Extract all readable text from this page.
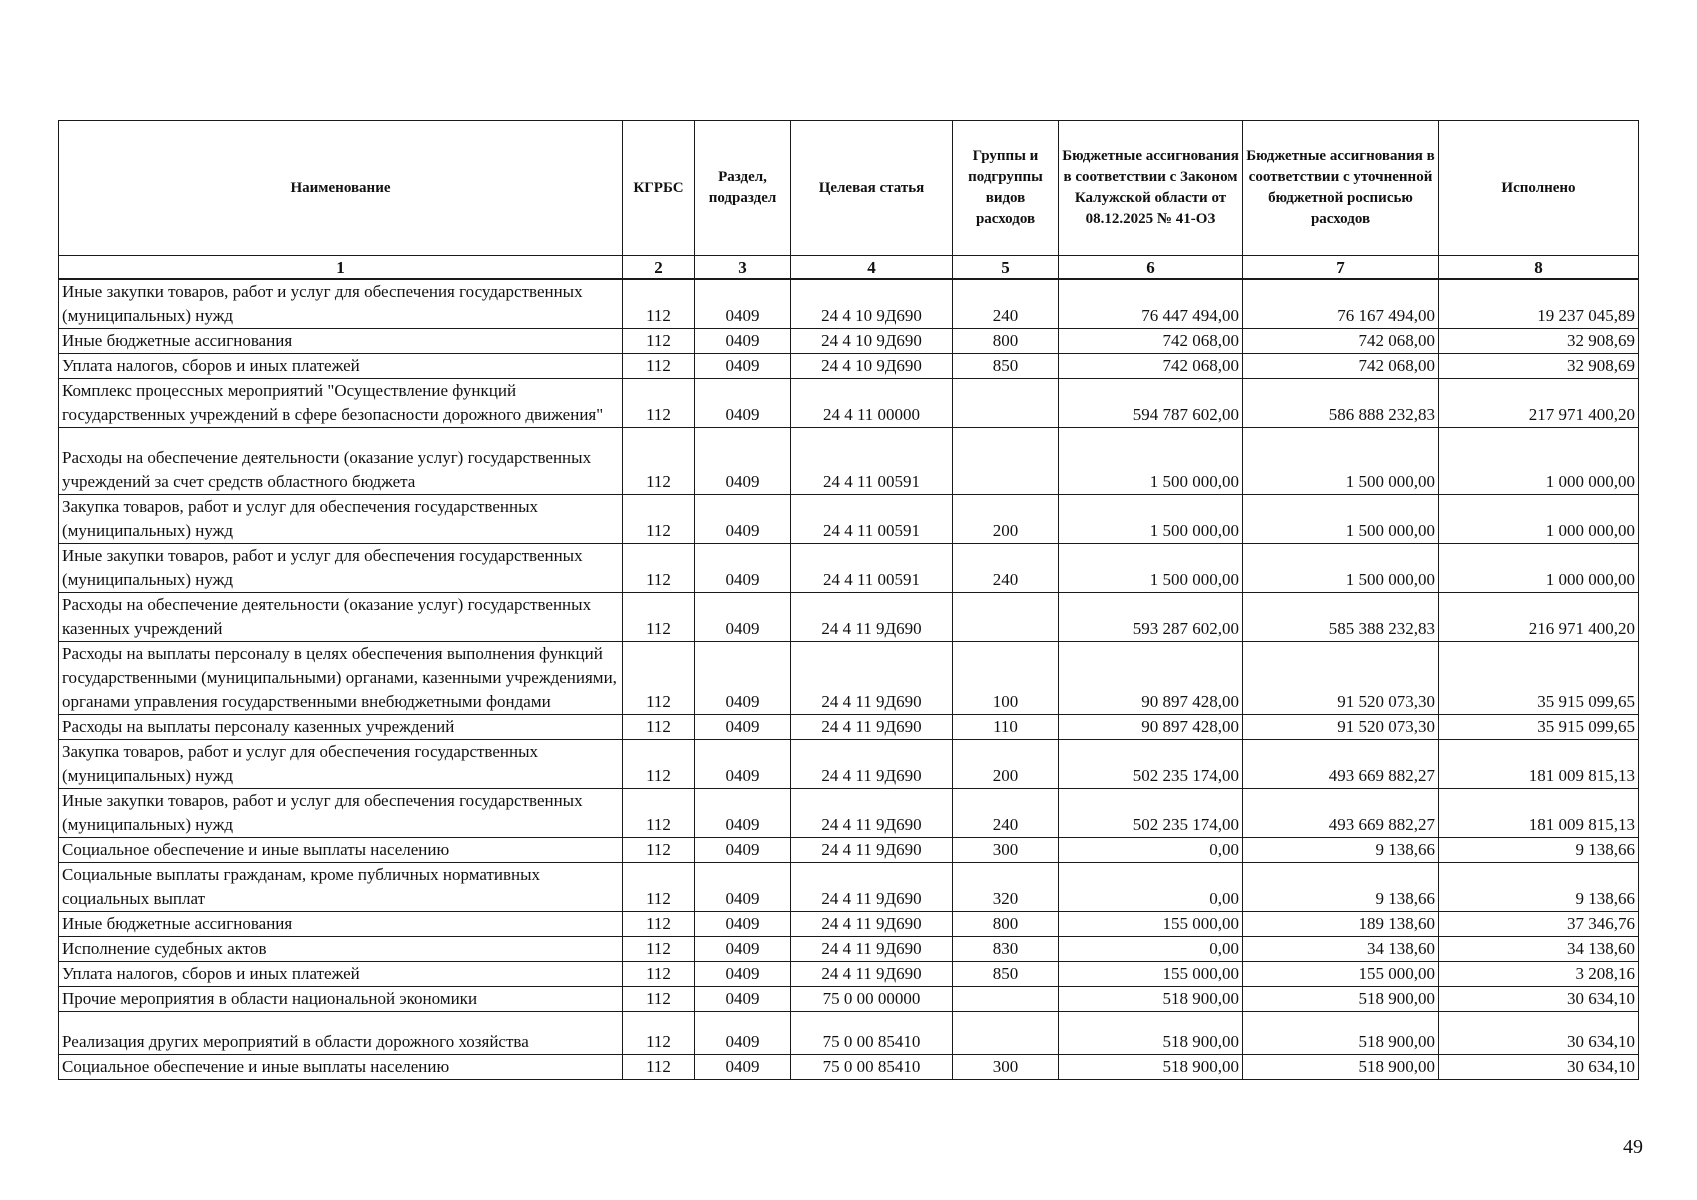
Наименование	КГРБС	Раздел, подраздел	Целевая статья	Группы и подгруппы видов расходов	Бюджетные ассигнования в соответствии с Законом Калужской области от 08.12.2025 № 41-ОЗ	Бюджетные ассигнования в соответствии с уточненной бюджетной росписью расходов	Исполнено
1	2	3	4	5	6	7	8
Иные закупки товаров, работ и услуг для обеспечения государственных (муниципальных) нужд	112	0409	24 4 10 9Д690	240	76 447 494,00	76 167 494,00	19 237 045,89
Иные бюджетные ассигнования	112	0409	24 4 10 9Д690	800	742 068,00	742 068,00	32 908,69
Уплата налогов, сборов и иных платежей	112	0409	24 4 10 9Д690	850	742 068,00	742 068,00	32 908,69
Комплекс процессных мероприятий "Осуществление функций государственных учреждений в сфере безопасности дорожного движения"	112	0409	24 4 11 00000		594 787 602,00	586 888 232,83	217 971 400,20
Расходы на обеспечение деятельности (оказание услуг) государственных учреждений за счет средств областного бюджета	112	0409	24 4 11 00591		1 500 000,00	1 500 000,00	1 000 000,00
Закупка товаров, работ и услуг для обеспечения государственных (муниципальных) нужд	112	0409	24 4 11 00591	200	1 500 000,00	1 500 000,00	1 000 000,00
Иные закупки товаров, работ и услуг для обеспечения государственных (муниципальных) нужд	112	0409	24 4 11 00591	240	1 500 000,00	1 500 000,00	1 000 000,00
Расходы на обеспечение деятельности (оказание услуг) государственных казенных учреждений	112	0409	24 4 11 9Д690		593 287 602,00	585 388 232,83	216 971 400,20
Расходы на выплаты персоналу в целях обеспечения выполнения функций государственными (муниципальными) органами, казенными учреждениями, органами управления государственными внебюджетными фондами	112	0409	24 4 11 9Д690	100	90 897 428,00	91 520 073,30	35 915 099,65
Расходы на выплаты персоналу казенных учреждений	112	0409	24 4 11 9Д690	110	90 897 428,00	91 520 073,30	35 915 099,65
Закупка товаров, работ и услуг для обеспечения государственных (муниципальных) нужд	112	0409	24 4 11 9Д690	200	502 235 174,00	493 669 882,27	181 009 815,13
Иные закупки товаров, работ и услуг для обеспечения государственных (муниципальных) нужд	112	0409	24 4 11 9Д690	240	502 235 174,00	493 669 882,27	181 009 815,13
Социальное обеспечение и иные выплаты населению	112	0409	24 4 11 9Д690	300	0,00	9 138,66	9 138,66
Социальные выплаты гражданам, кроме публичных нормативных социальных выплат	112	0409	24 4 11 9Д690	320	0,00	9 138,66	9 138,66
Иные бюджетные ассигнования	112	0409	24 4 11 9Д690	800	155 000,00	189 138,60	37 346,76
Исполнение судебных актов	112	0409	24 4 11 9Д690	830	0,00	34 138,60	34 138,60
Уплата налогов, сборов и иных платежей	112	0409	24 4 11 9Д690	850	155 000,00	155 000,00	3 208,16
Прочие мероприятия в области национальной экономики	112	0409	75 0 00 00000		518 900,00	518 900,00	30 634,10
Реализация других мероприятий в области дорожного хозяйства	112	0409	75 0 00 85410		518 900,00	518 900,00	30 634,10
Социальное обеспечение и иные выплаты населению	112	0409	75 0 00 85410	300	518 900,00	518 900,00	30 634,10
49
